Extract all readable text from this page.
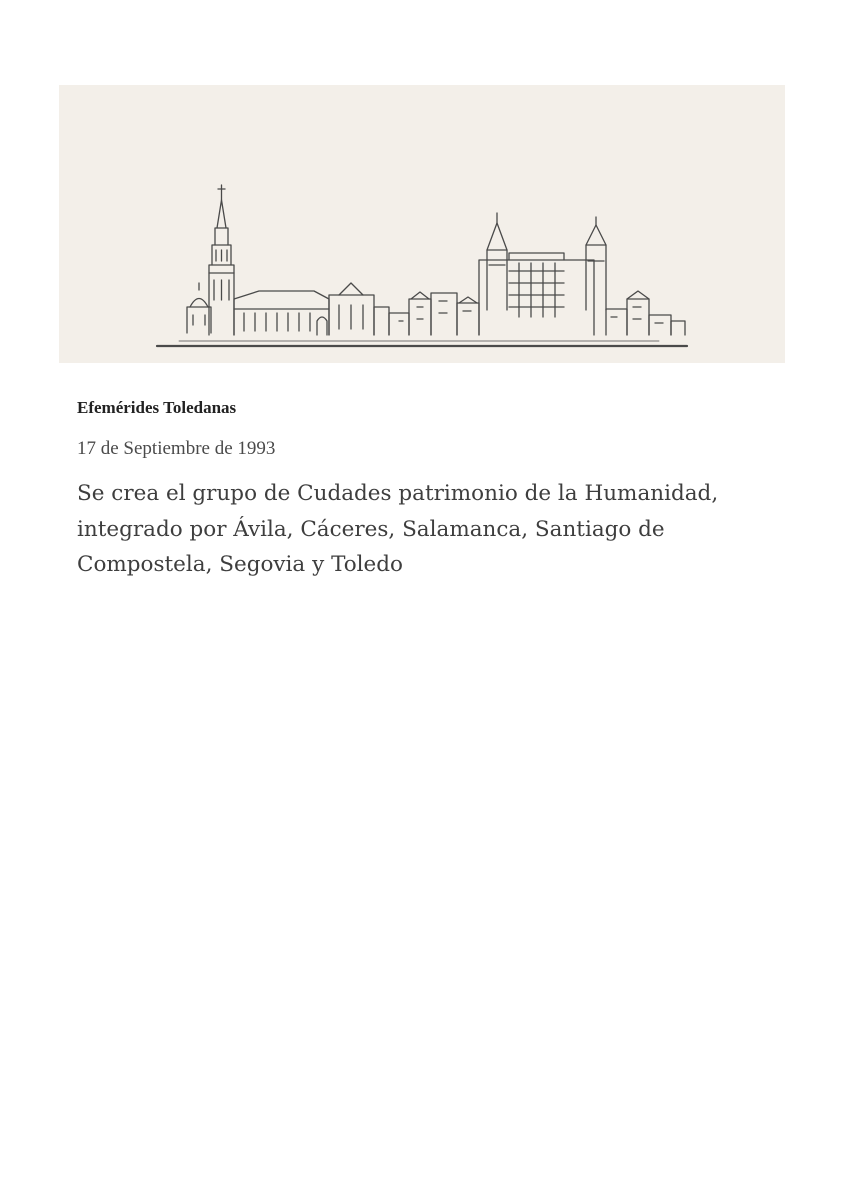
Efemérides Toledanas
17 de Septiembre de 1993
Se crea el grupo de Cudades patrimonio de la Humanidad,
integrado por Ávila, Cáceres, Salamanca, Santiago de
Compostela, Segovia y Toledo
